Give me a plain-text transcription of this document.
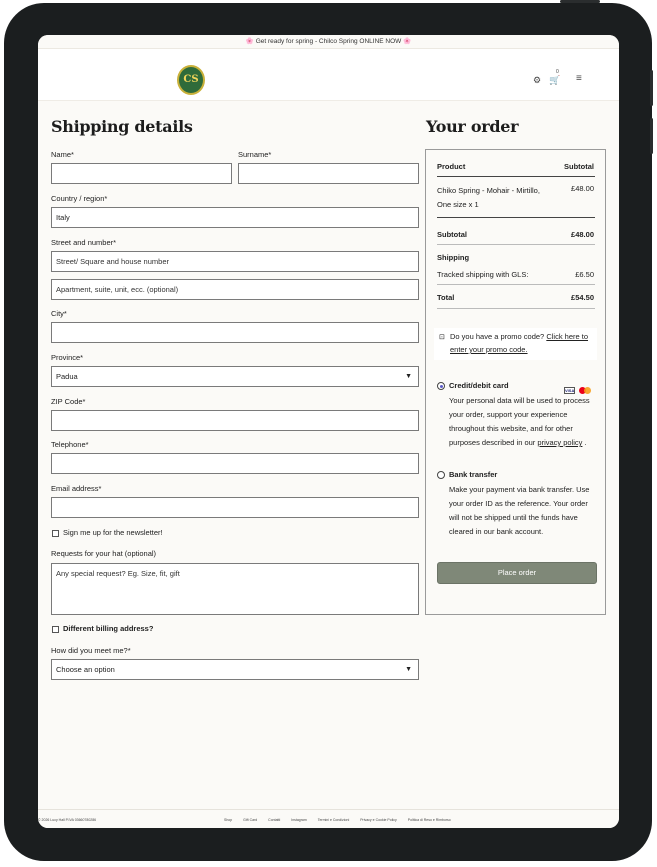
🌸 Get ready for spring - Chilco Spring ONLINE NOW 🌸
CS	⚙ 🛒
0
≡
Shipping details
Name*	Surname*
Country / region*
Italy
Street and number*
Street/ Square and house number
Apartment, suite, unit, ecc. (optional)
City*
Province*
Padua	▼
ZIP Code*
Telephone*
Email address*
Sign me up for the newsletter!
Requests for your hat (optional)
Any special request? Eg. Size, fit, gift
Different billing address?
How did you meet me?*
Choose an option	▼
Your order
Product	Subtotal
Chiko Spring - Mohair - Mirtillo,
One size x 1
£48.00
Subtotal	£48.00
Shipping
Tracked shipping with GLS:	£6.50
Total	£54.50
⊡ Do you have a promo code? Click here to enter your promo code.
Credit/debit card
VISA
Your personal data will be used to process
your order, support your experience
throughout this website, and for other
purposes described in our privacy policy .
Bank transfer
Make your payment via bank transfer. Use
your order ID as the reference. Your order
will not be shipped until the funds have
cleared in our bank account.
Place order
© 2026 Lucy Hall P.IVA 03660780286	Shop	Gift Card	Contatti	Instagram	Termini e Condizioni	Privacy e Cookie Policy	Politica di Reso e Rimborso
